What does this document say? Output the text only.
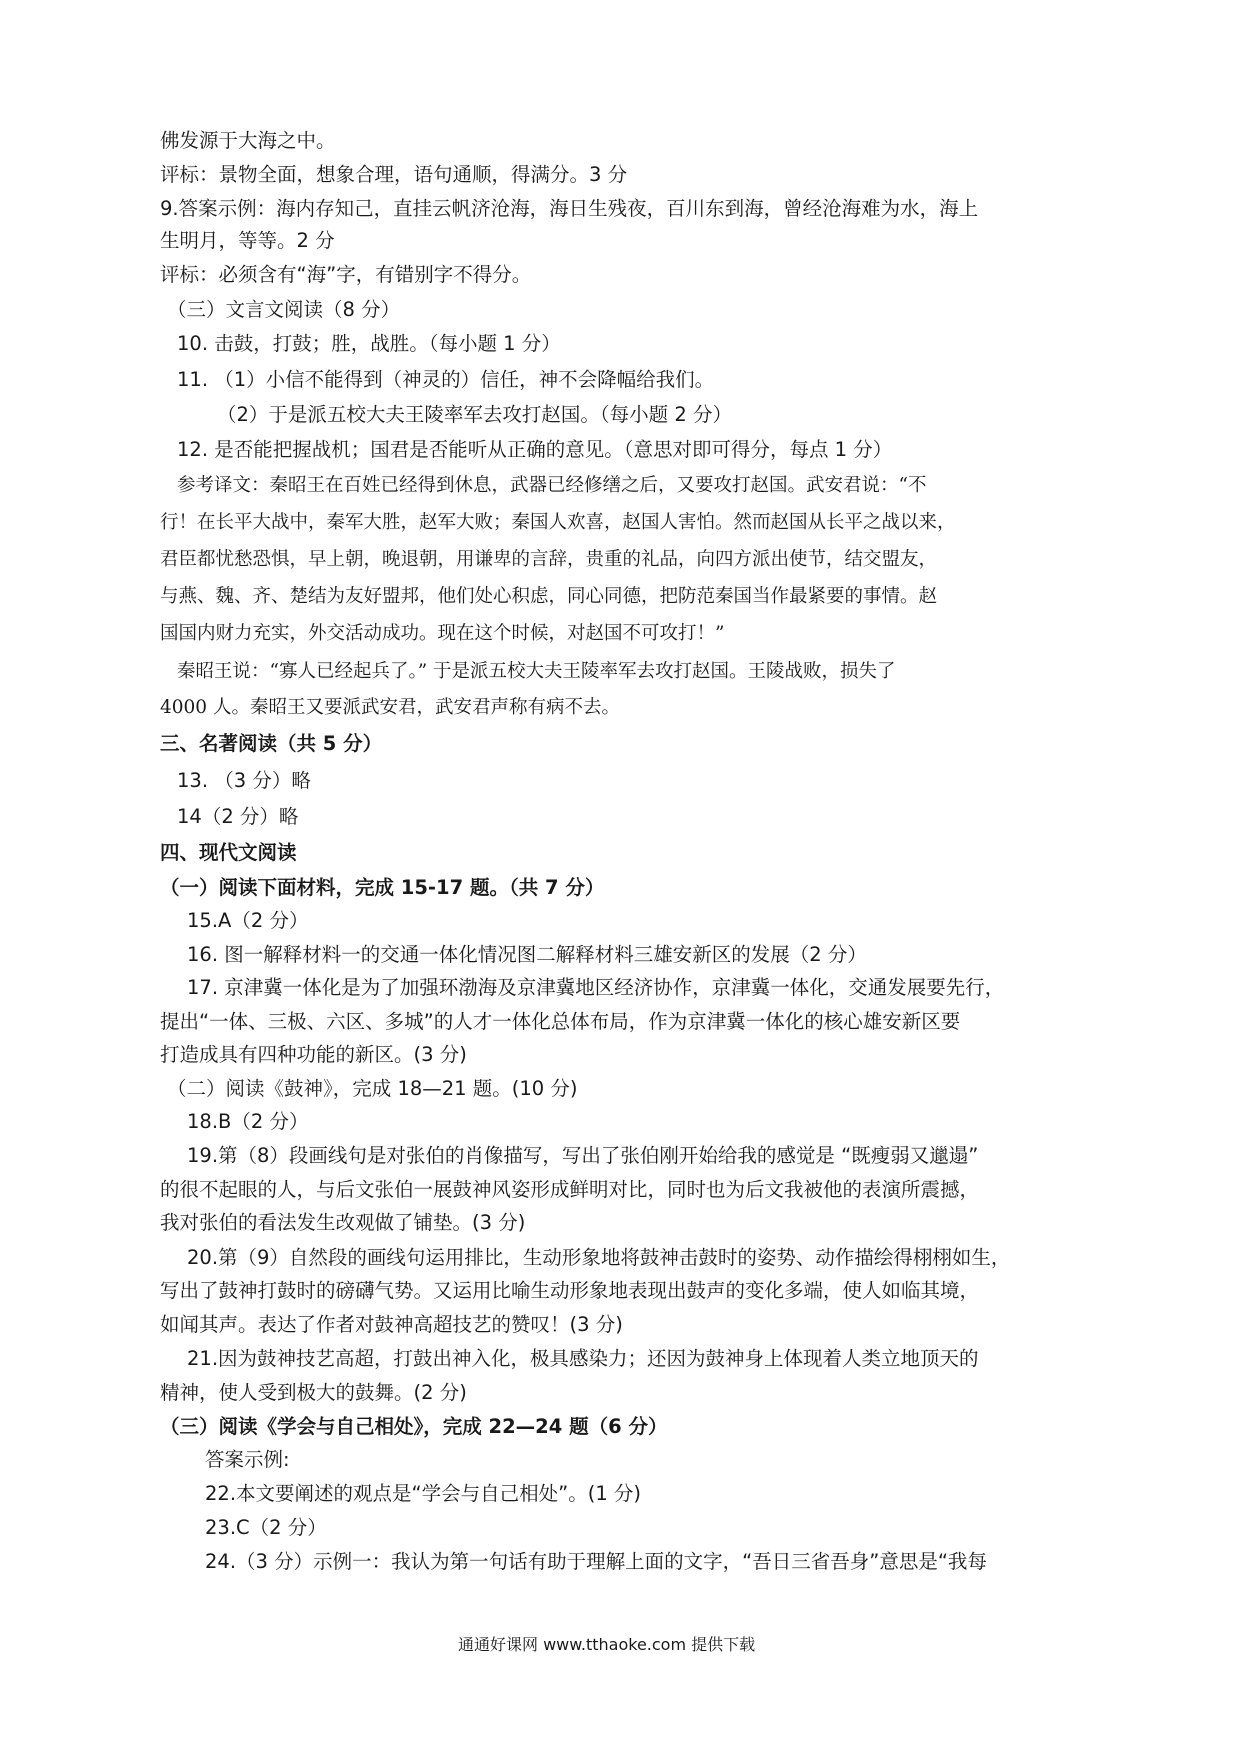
佛发源于大海之中。
评标：景物全面，想象合理，语句通顺，得满分。3 分
9.答案示例：海内存知己，直挂云帆济沧海，海日生残夜，百川东到海，曾经沧海难为水，海上
生明月，等等。2 分
评标：必须含有“海”字，有错别字不得分。
（三）文言文阅读（8 分）
10. 击鼓，打鼓；胜，战胜。（每小题 1 分）
11. （1）小信不能得到（神灵的）信任，神不会降幅给我们。
（2）于是派五校大夫王陵率军去攻打赵国。（每小题 2 分）
12. 是否能把握战机；国君是否能听从正确的意见。（意思对即可得分，每点 1 分）
参考译文：秦昭王在百姓已经得到休息，武器已经修缮之后，又要攻打赵国。武安君说：“不
行！在长平大战中，秦军大胜，赵军大败；秦国人欢喜，赵国人害怕。然而赵国从长平之战以来，
君臣都忧愁恐惧，早上朝，晚退朝，用谦卑的言辞，贵重的礼品，向四方派出使节，结交盟友，
与燕、魏、齐、楚结为友好盟邦，他们处心积虑，同心同德，把防范秦国当作最紧要的事情。赵
国国内财力充实，外交活动成功。现在这个时候，对赵国不可攻打！”
秦昭王说：“寡人已经起兵了。” 于是派五校大夫王陵率军去攻打赵国。王陵战败，损失了
4000 人。秦昭王又要派武安君，武安君声称有病不去。
三、名著阅读（共 5 分）
13. （3 分）略
14（2 分）略
四、现代文阅读
（一）阅读下面材料，完成 15-17 题。（共 7 分）
15.A（2 分）
16. 图一解释材料一的交通一体化情况图二解释材料三雄安新区的发展（2 分）
17. 京津冀一体化是为了加强环渤海及京津冀地区经济协作，京津冀一体化，交通发展要先行，
提出“一体、三极、六区、多城”的人才一体化总体布局，作为京津冀一体化的核心雄安新区要
打造成具有四种功能的新区。(3 分)
（二）阅读《鼓神》，完成 18—21 题。(10 分)
18.B（2 分）
19.第（8）段画线句是对张伯的肖像描写，写出了张伯刚开始给我的感觉是 “既瘦弱又邋遢”
的很不起眼的人，与后文张伯一展鼓神风姿形成鲜明对比，同时也为后文我被他的表演所震撼，
我对张伯的看法发生改观做了铺垫。(3 分)
20.第（9）自然段的画线句运用排比，生动形象地将鼓神击鼓时的姿势、动作描绘得栩栩如生，
写出了鼓神打鼓时的磅礴气势。又运用比喻生动形象地表现出鼓声的变化多端，使人如临其境，
如闻其声。表达了作者对鼓神高超技艺的赞叹！(3 分)
21.因为鼓神技艺高超，打鼓出神入化，极具感染力；还因为鼓神身上体现着人类立地顶天的
精神，使人受到极大的鼓舞。(2 分)
（三）阅读《学会与自己相处》，完成 22—24 题（6 分）
答案示例:
22.本文要阐述的观点是“学会与自己相处”。(1 分)
23.C（2 分）
24.（3 分）示例一：我认为第一句话有助于理解上面的文字，“吾日三省吾身”意思是“我每
通通好课网 www.tthaoke.com 提供下载
